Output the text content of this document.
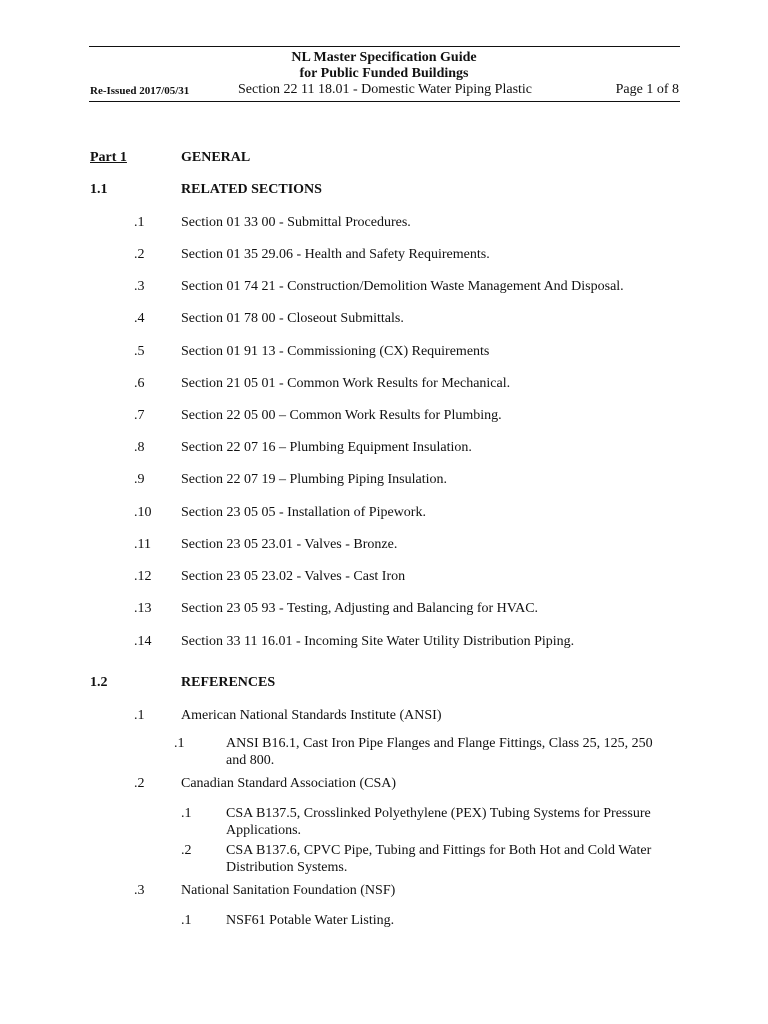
NL Master Specification Guide
for Public Funded Buildings
Re-Issued 2017/05/31	Section 22 11 18.01 - Domestic Water Piping Plastic	Page 1 of 8
Part 1	GENERAL
1.1	RELATED SECTIONS
.1	Section 01 33 00 - Submittal Procedures.
.2	Section 01 35 29.06 - Health and Safety Requirements.
.3	Section 01 74 21 - Construction/Demolition Waste Management And Disposal.
.4	Section 01 78 00 - Closeout Submittals.
.5	Section 01 91 13 - Commissioning (CX) Requirements
.6	Section 21 05 01 - Common Work Results for Mechanical.
.7	Section 22 05 00 – Common Work Results for Plumbing.
.8	Section 22 07 16 – Plumbing Equipment Insulation.
.9	Section 22 07 19 – Plumbing Piping Insulation.
.10 Section 23 05 05 - Installation of Pipework.
.11 Section 23 05 23.01 - Valves - Bronze.
.12 Section 23 05 23.02 - Valves - Cast Iron
.13 Section 23 05 93 - Testing, Adjusting and Balancing for HVAC.
.14 Section 33 11 16.01 - Incoming Site Water Utility Distribution Piping.
1.2	REFERENCES
.1	American National Standards Institute (ANSI)
.1	ANSI B16.1, Cast Iron Pipe Flanges and Flange Fittings, Class 25, 125, 250 and 800.
.2	Canadian Standard Association (CSA)
.1 CSA B137.5, Crosslinked Polyethylene (PEX) Tubing Systems for Pressure Applications.
.2 CSA B137.6, CPVC Pipe, Tubing and Fittings for Both Hot and Cold Water Distribution Systems.
.3	National Sanitation Foundation (NSF)
.1 NSF61 Potable Water Listing.
